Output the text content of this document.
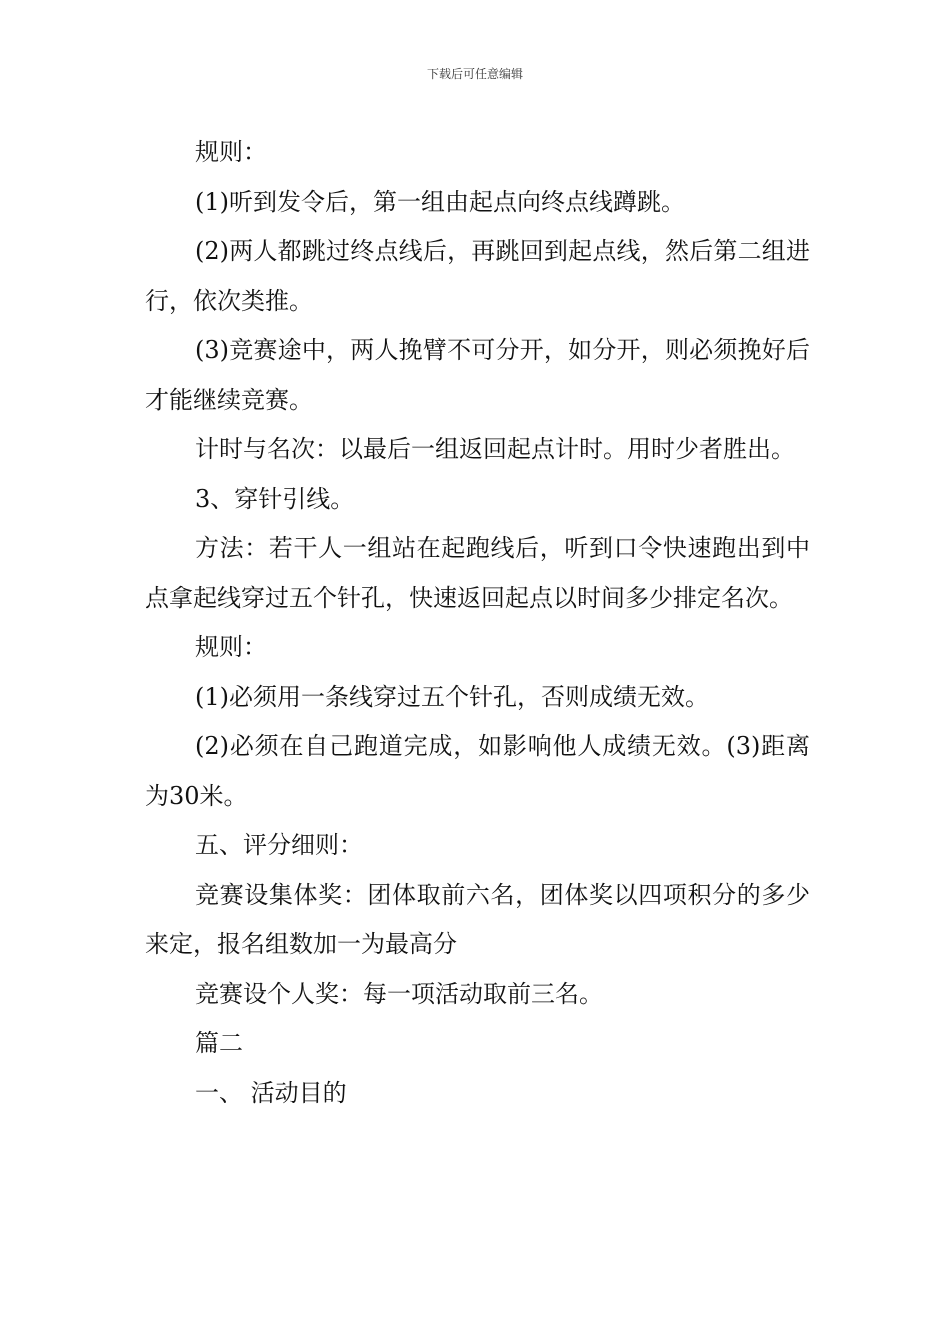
下载后可任意编辑

规则：

(1)听到发令后，第一组由起点向终点线蹲跳。

(2)两人都跳过终点线后，再跳回到起点线，然后第二组进行，依次类推。

(3)竞赛途中，两人挽臂不可分开，如分开，则必须挽好后才能继续竞赛。

计时与名次：以最后一组返回起点计时。用时少者胜出。

3、穿针引线。

方法：若干人一组站在起跑线后，听到口令快速跑出到中点拿起线穿过五个针孔，快速返回起点以时间多少排定名次。

规则：

(1)必须用一条线穿过五个针孔，否则成绩无效。

(2)必须在自己跑道完成，如影响他人成绩无效。(3)距离为30米。

五、评分细则：

竞赛设集体奖：团体取前六名，团体奖以四项积分的多少来定，报名组数加一为最高分

竞赛设个人奖：每一项活动取前三名。

篇二

一、 活动目的
